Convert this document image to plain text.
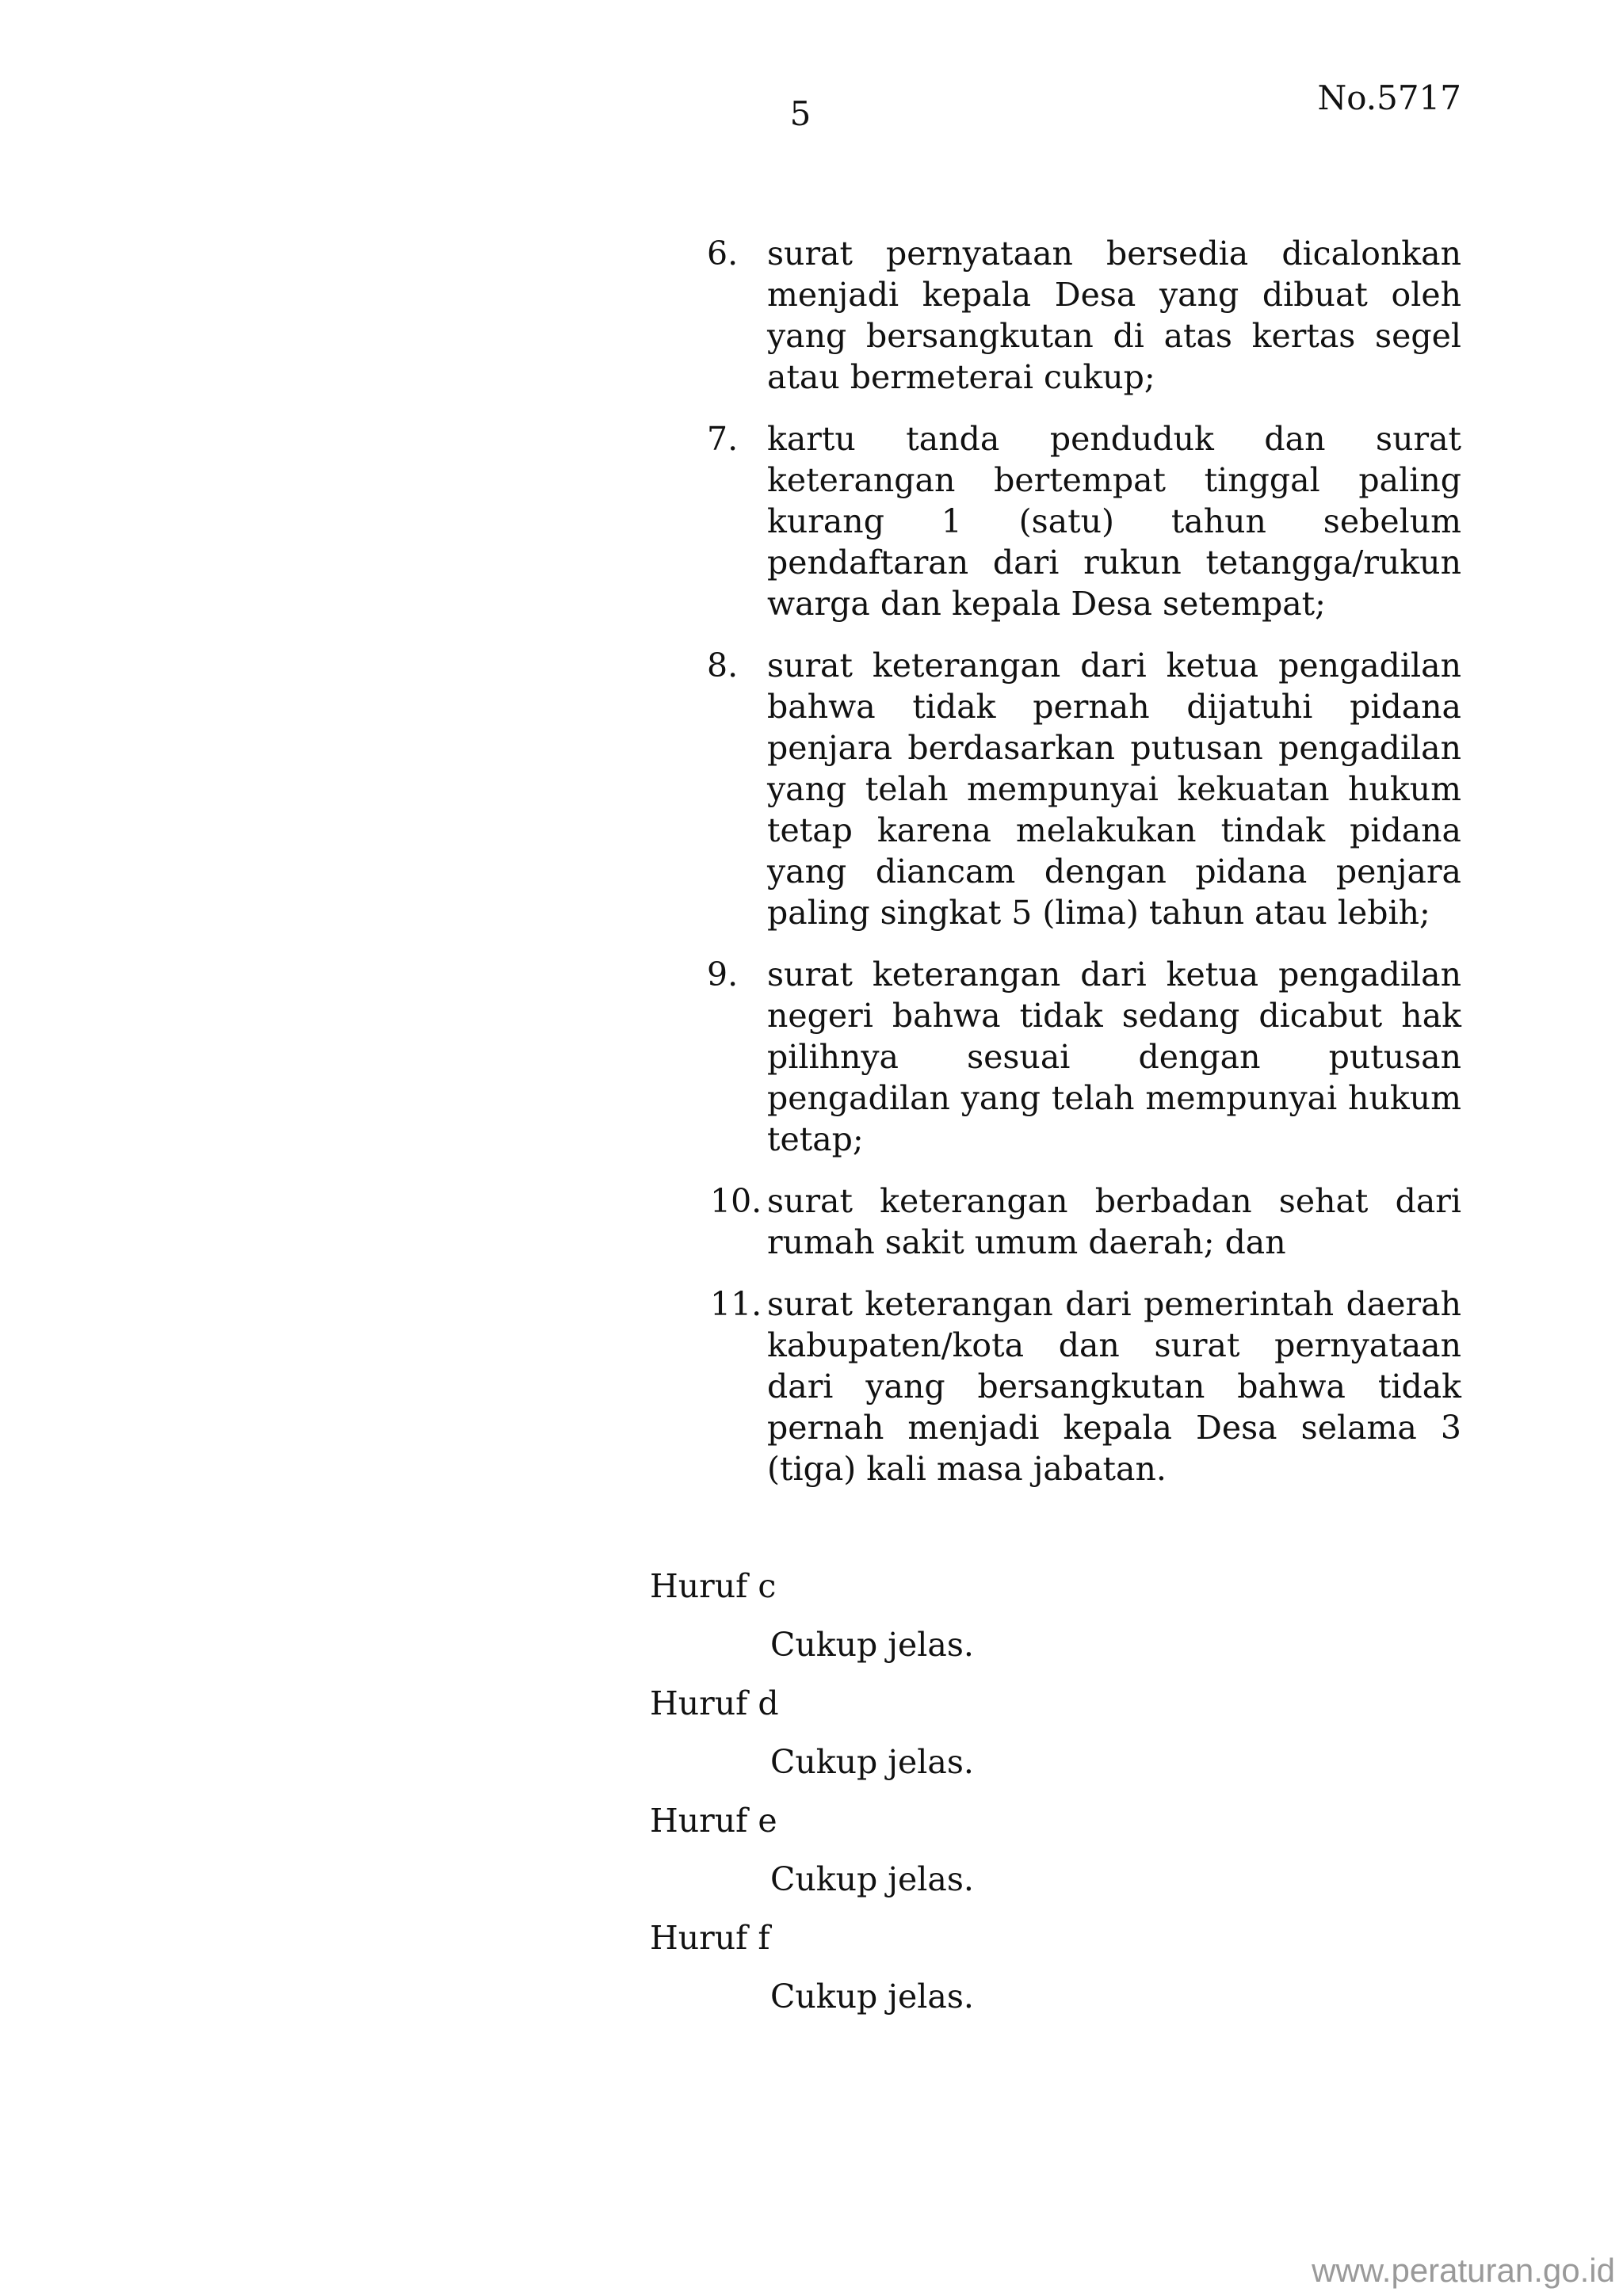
5	No.5717
6. surat pernyataan bersedia dicalonkan menjadi kepala Desa yang dibuat oleh yang bersangkutan di atas kertas segel atau bermeterai cukup;
7. kartu tanda penduduk dan surat keterangan bertempat tinggal paling kurang 1 (satu) tahun sebelum pendaftaran dari rukun tetangga/rukun warga dan kepala Desa setempat;
8. surat keterangan dari ketua pengadilan bahwa tidak pernah dijatuhi pidana penjara berdasarkan putusan pengadilan yang telah mempunyai kekuatan hukum tetap karena melakukan tindak pidana yang diancam dengan pidana penjara paling singkat 5 (lima) tahun atau lebih;
9. surat keterangan dari ketua pengadilan negeri bahwa tidak sedang dicabut hak pilihnya sesuai dengan putusan pengadilan yang telah mempunyai hukum tetap;
10. surat keterangan berbadan sehat dari rumah sakit umum daerah; dan
11. surat keterangan dari pemerintah daerah kabupaten/kota dan surat pernyataan dari yang bersangkutan bahwa tidak pernah menjadi kepala Desa selama 3 (tiga) kali masa jabatan.
Huruf c
Cukup jelas.
Huruf d
Cukup jelas.
Huruf e
Cukup jelas.
Huruf f
Cukup jelas.
www.peraturan.go.id
